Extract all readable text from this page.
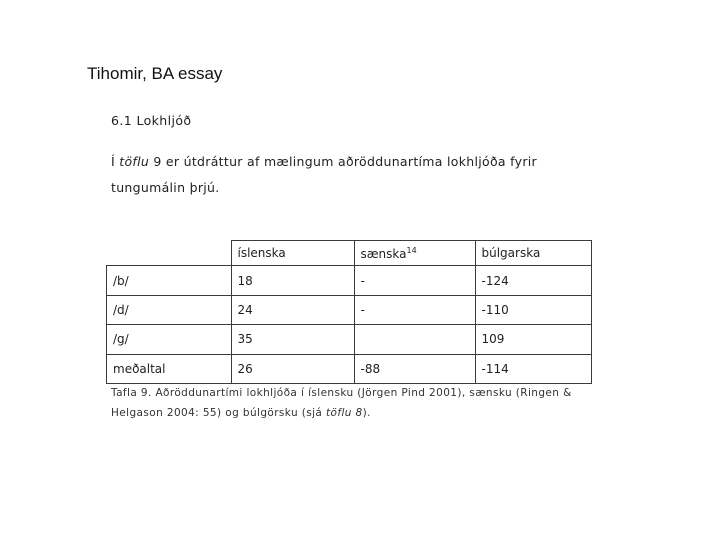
Tihomir, BA essay
6.1 Lokhljóð
Í töflu 9 er útdráttur af mælingum aðröddunartíma lokhljóða fyrir tungumálin þrjú.
	íslenska	sænska$^{14}$	búlgarska
/b/	18	-	-124
/d/	24	-	-110
/g/	35		109
meðaltal	26	-88	-114
Tafla 9. Aðröddunartími lokhljóða í íslensku (Jörgen Pind 2001), sænsku (Ringen & Helgason 2004: 55) og búlgörsku (sjá töflu 8).
